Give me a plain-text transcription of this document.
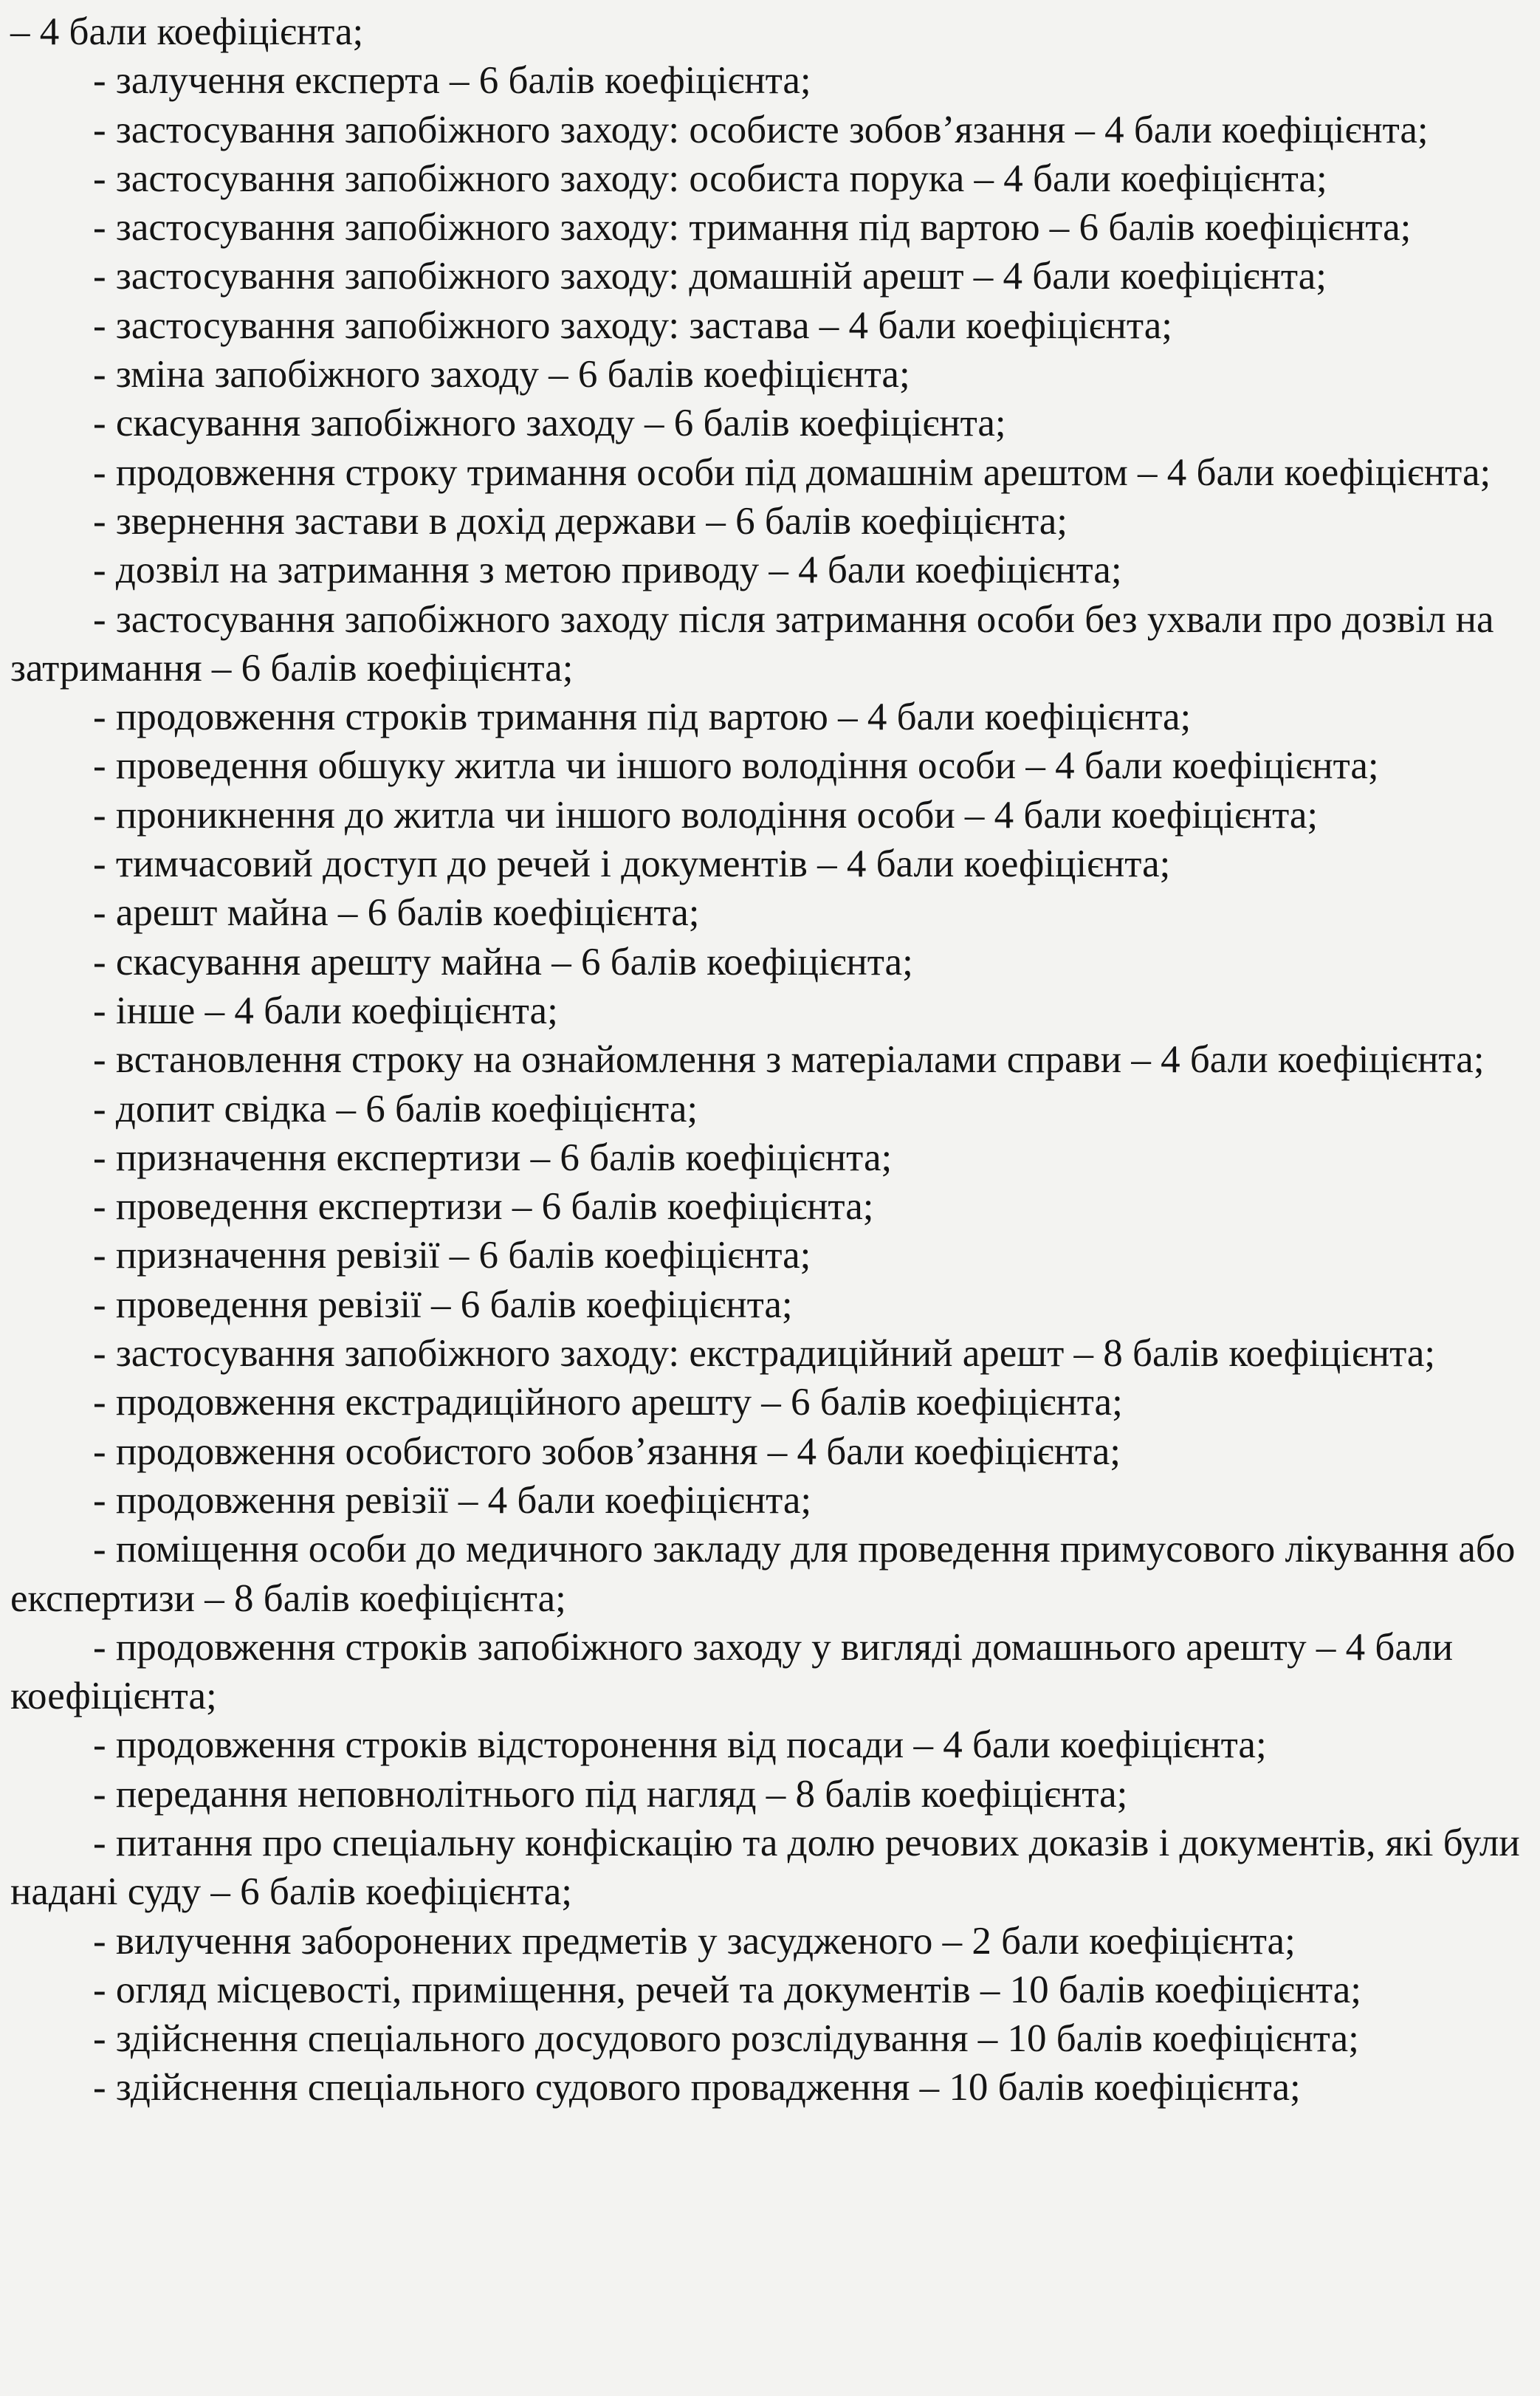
– 4 бали коефіцієнта;

- залучення експерта – 6 балів коефіцієнта;

- застосування запобіжного заходу: особисте зобов’язання – 4 бали коефіцієнта;

- застосування запобіжного заходу: особиста порука – 4 бали коефіцієнта;

- застосування запобіжного заходу: тримання під вартою – 6 балів коефіцієнта;

- застосування запобіжного заходу: домашній арешт – 4 бали коефіцієнта;

- застосування запобіжного заходу: застава – 4 бали коефіцієнта;

- зміна запобіжного заходу – 6 балів коефіцієнта;

- скасування запобіжного заходу – 6 балів коефіцієнта;

- продовження строку тримання особи під домашнім арештом – 4 бали коефіцієнта;

- звернення застави в дохід держави – 6 балів коефіцієнта;

- дозвіл на затримання з метою приводу – 4 бали коефіцієнта;

- застосування запобіжного заходу після затримання особи без ухвали про дозвіл на затримання – 6 балів коефіцієнта;

- продовження строків тримання під вартою – 4 бали коефіцієнта;

- проведення обшуку житла чи іншого володіння особи – 4 бали коефіцієнта;

- проникнення до житла чи іншого володіння особи – 4 бали коефіцієнта;

- тимчасовий доступ до речей і документів – 4 бали коефіцієнта;

- арешт майна – 6 балів коефіцієнта;

- скасування арешту майна – 6 балів коефіцієнта;

- інше – 4 бали коефіцієнта;

- встановлення строку на ознайомлення з матеріалами справи – 4 бали коефіцієнта;

- допит свідка – 6 балів коефіцієнта;

- призначення експертизи – 6 балів коефіцієнта;

- проведення експертизи – 6 балів коефіцієнта;

- призначення ревізії – 6 балів коефіцієнта;

- проведення ревізії – 6 балів коефіцієнта;

- застосування запобіжного заходу: екстрадиційний арешт – 8 балів коефіцієнта;

- продовження екстрадиційного арешту – 6 балів коефіцієнта;

- продовження особистого зобов’язання – 4 бали коефіцієнта;

- продовження ревізії – 4 бали коефіцієнта;

- поміщення особи до медичного закладу для проведення примусового лікування або експертизи – 8 балів коефіцієнта;

- продовження строків запобіжного заходу у вигляді домашнього арешту – 4 бали коефіцієнта;

- продовження строків відсторонення від посади – 4 бали коефіцієнта;

- передання неповнолітнього під нагляд – 8 балів коефіцієнта;

- питання про спеціальну конфіскацію та долю речових доказів і документів, які були надані суду – 6 балів коефіцієнта;

- вилучення заборонених предметів у засудженого – 2 бали коефіцієнта;

- огляд місцевості, приміщення, речей та документів – 10 балів коефіцієнта;

- здійснення спеціального досудового розслідування – 10 балів коефіцієнта;

- здійснення спеціального судового провадження – 10 балів коефіцієнта;
